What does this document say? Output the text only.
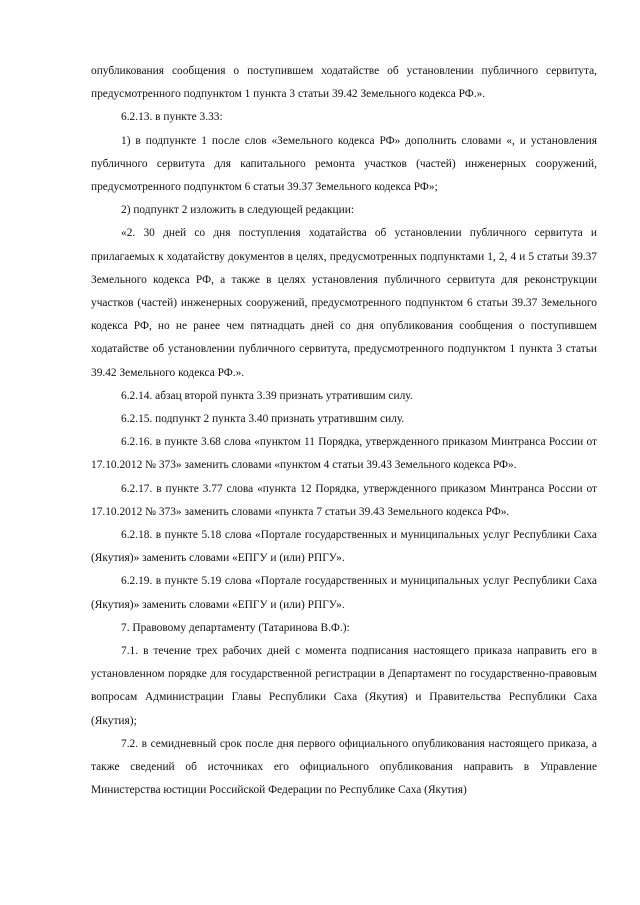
опубликования сообщения о поступившем ходатайстве об установлении публичного сервитута, предусмотренного подпунктом 1 пункта 3 статьи 39.42 Земельного кодекса РФ.».

6.2.13. в пункте 3.33:

1) в подпункте 1 после слов «Земельного кодекса РФ» дополнить словами «, и установления публичного сервитута для капитального ремонта участков (частей) инженерных сооружений, предусмотренного подпунктом 6 статьи 39.37 Земельного кодекса РФ»;

2) подпункт 2 изложить в следующей редакции:

«2. 30 дней со дня поступления ходатайства об установлении публичного сервитута и прилагаемых к ходатайству документов в целях, предусмотренных подпунктами 1, 2, 4 и 5 статьи 39.37 Земельного кодекса РФ, а также в целях установления публичного сервитута для реконструкции участков (частей) инженерных сооружений, предусмотренного подпунктом 6 статьи 39.37 Земельного кодекса РФ, но не ранее чем пятнадцать дней со дня опубликования сообщения о поступившем ходатайстве об установлении публичного сервитута, предусмотренного подпунктом 1 пункта 3 статьи 39.42 Земельного кодекса РФ.».

6.2.14. абзац второй пункта 3.39 признать утратившим силу.

6.2.15. подпункт 2 пункта 3.40 признать утратившим силу.

6.2.16. в пункте 3.68 слова «пунктом 11 Порядка, утвержденного приказом Минтранса России от 17.10.2012 № 373» заменить словами «пунктом 4 статьи 39.43 Земельного кодекса РФ».

6.2.17. в пункте 3.77 слова «пункта 12 Порядка, утвержденного приказом Минтранса России от 17.10.2012 № 373» заменить словами «пункта 7 статьи 39.43 Земельного кодекса РФ».

6.2.18. в пункте 5.18 слова «Портале государственных и муниципальных услуг Республики Саха (Якутия)» заменить словами «ЕПГУ и (или) РПГУ».

6.2.19. в пункте 5.19 слова «Портале государственных и муниципальных услуг Республики Саха (Якутия)» заменить словами «ЕПГУ и (или) РПГУ».

7. Правовому департаменту (Татаринова В.Ф.):

7.1. в течение трех рабочих дней с момента подписания настоящего приказа направить его в установленном порядке для государственной регистрации в Департамент по государственно-правовым вопросам Администрации Главы Республики Саха (Якутия) и Правительства Республики Саха (Якутия);

7.2. в семидневный срок после дня первого официального опубликования настоящего приказа, а также сведений об источниках его официального опубликования направить в Управление Министерства юстиции Российской Федерации по Республике Саха (Якутия)
